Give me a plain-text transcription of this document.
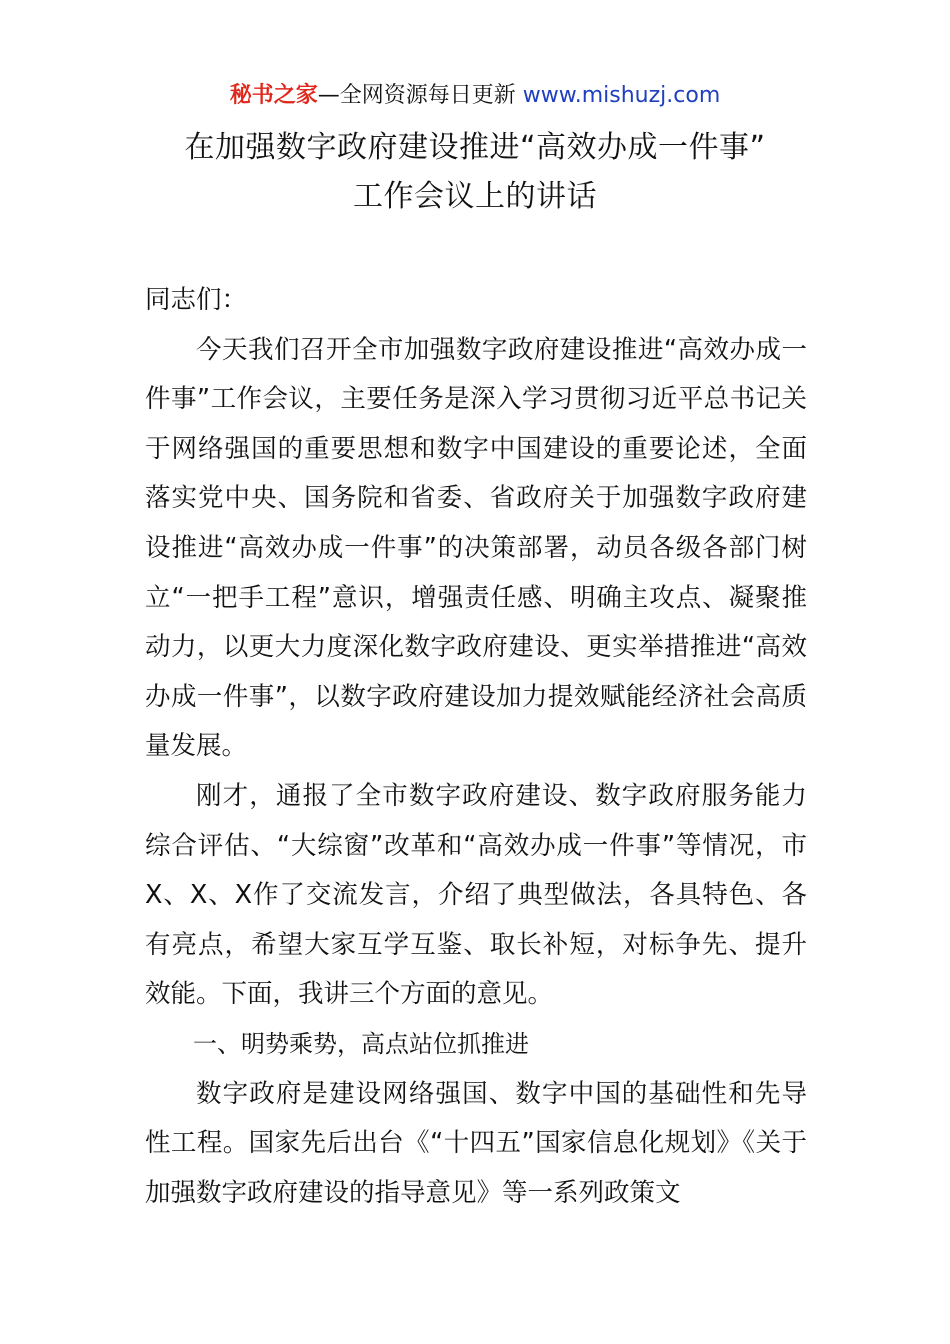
秘书之家—全网资源每日更新 www.mishuzj.com
在加强数字政府建设推进“高效办成一件事”
工作会议上的讲话

同志们：

今天我们召开全市加强数字政府建设推进“高效办成一件事”工作会议，主要任务是深入学习贯彻习近平总书记关于网络强国的重要思想和数字中国建设的重要论述，全面落实党中央、国务院和省委、省政府关于加强数字政府建设推进“高效办成一件事”的决策部署，动员各级各部门树立“一把手工程”意识，增强责任感、明确主攻点、凝聚推动力，以更大力度深化数字政府建设、更实举措推进“高效办成一件事”，以数字政府建设加力提效赋能经济社会高质量发展。

刚才，通报了全市数字政府建设、数字政府服务能力综合评估、“大综窗”改革和“高效办成一件事”等情况，市X、X、X作了交流发言，介绍了典型做法，各具特色、各有亮点，希望大家互学互鉴、取长补短，对标争先、提升效能。下面，我讲三个方面的意见。

一、明势乘势，高点站位抓推进

数字政府是建设网络强国、数字中国的基础性和先导性工程。国家先后出台《“十四五”国家信息化规划》《关于加强数字政府建设的指导意见》等一系列政策文
